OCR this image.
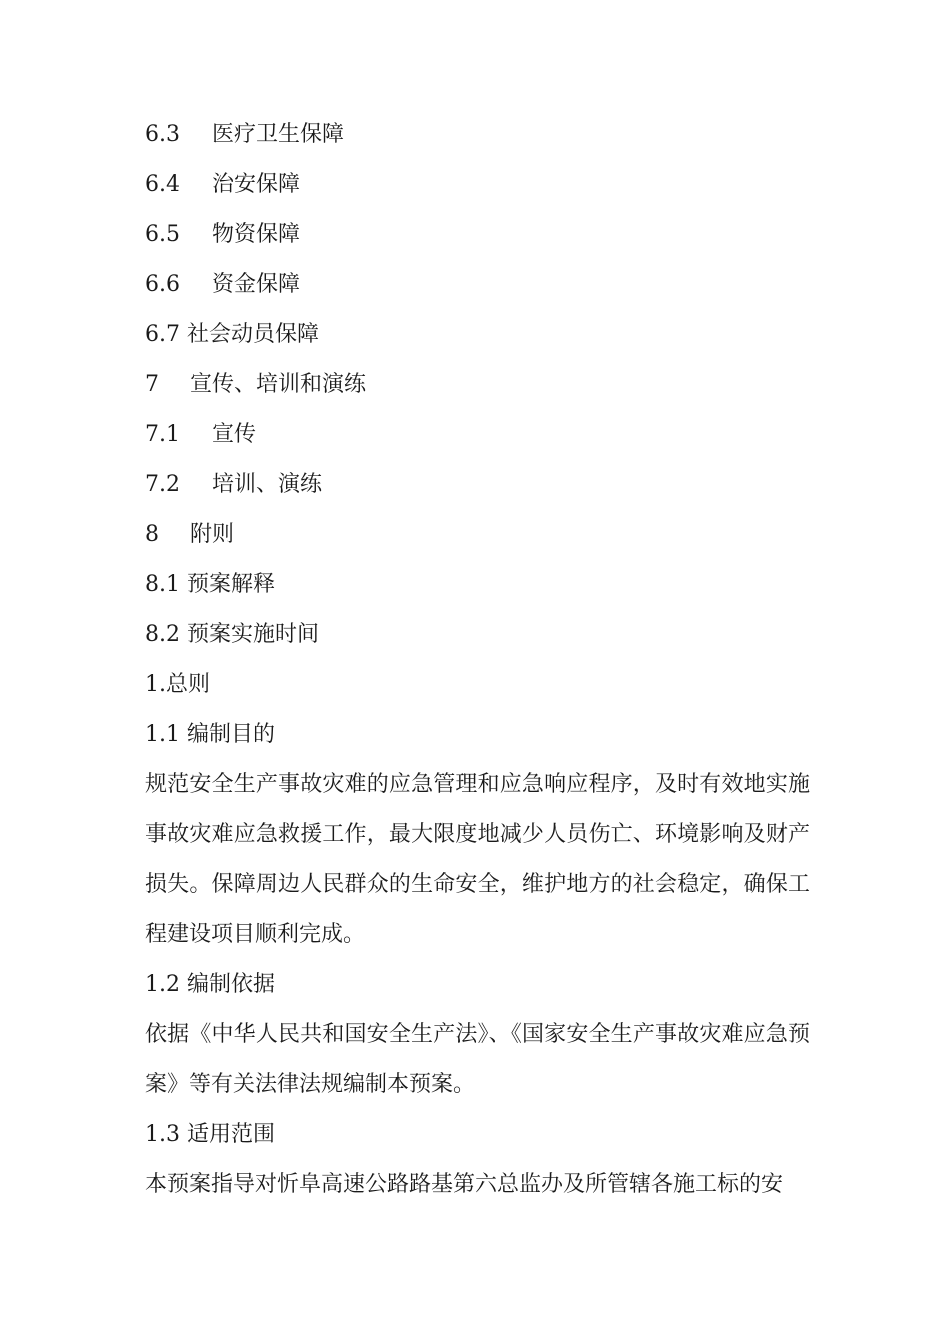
6.3 医疗卫生保障
6.4 治安保障
6.5 物资保障
6.6 资金保障
6.7 社会动员保障
7 宣传、培训和演练
7.1 宣传
7.2 培训、演练
8 附则
8.1 预案解释
8.2 预案实施时间
1.总则
1.1 编制目的
规范安全生产事故灾难的应急管理和应急响应程序，及时有效地实施事故灾难应急救援工作，最大限度地减少人员伤亡、环境影响及财产损失。保障周边人民群众的生命安全，维护地方的社会稳定，确保工程建设项目顺利完成。
1.2 编制依据
依据《中华人民共和国安全生产法》、《国家安全生产事故灾难应急预案》等有关法律法规编制本预案。
1.3 适用范围
本预案指导对忻阜高速公路路基第六总监办及所管辖各施工标的安
